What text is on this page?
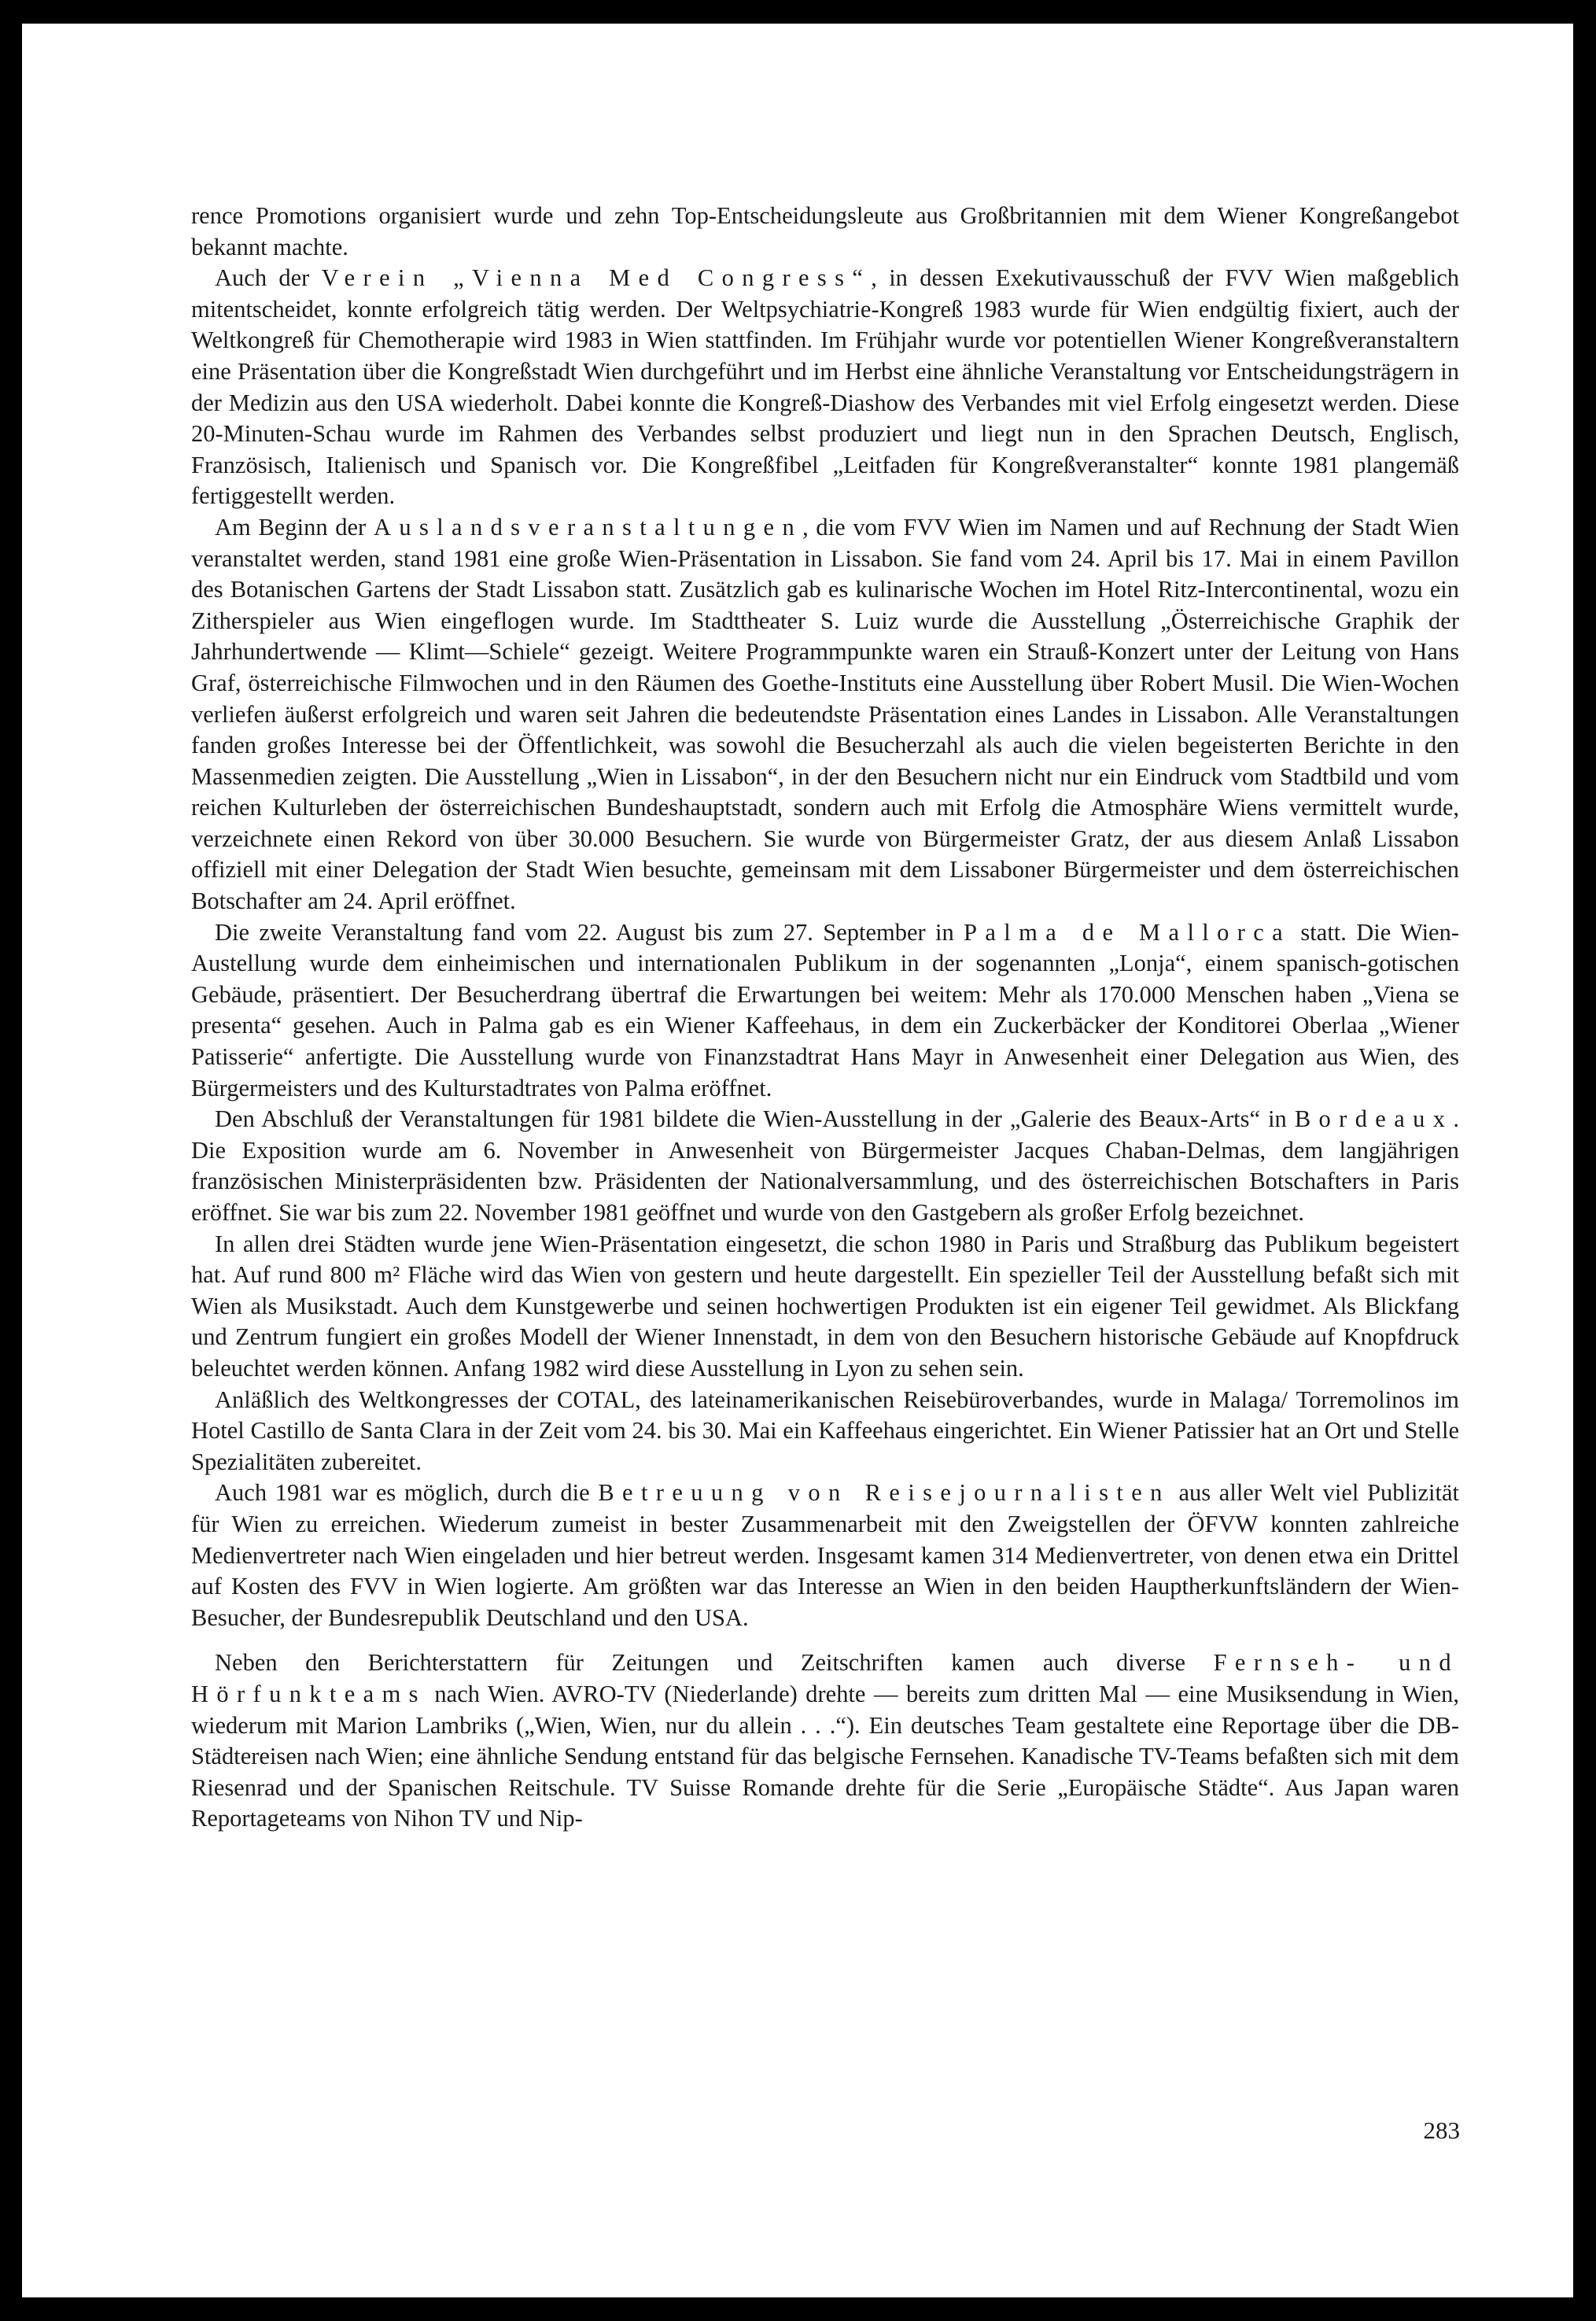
rence Promotions organisiert wurde und zehn Top-Entscheidungsleute aus Großbritannien mit dem Wiener Kongreßangebot bekannt machte.

Auch der Verein „Vienna Med Congress“, in dessen Exekutivausschuß der FVV Wien maßgeblich mitentscheidet, konnte erfolgreich tätig werden. Der Weltpsychiatrie-Kongreß 1983 wurde für Wien endgültig fixiert, auch der Weltkongreß für Chemotherapie wird 1983 in Wien stattfinden. Im Frühjahr wurde vor potentiellen Wiener Kongreßveranstaltern eine Präsentation über die Kongreßstadt Wien durchgeführt und im Herbst eine ähnliche Veranstaltung vor Entscheidungsträgern in der Medizin aus den USA wiederholt. Dabei konnte die Kongreß-Diashow des Verbandes mit viel Erfolg eingesetzt werden. Diese 20-Minuten-Schau wurde im Rahmen des Verbandes selbst produziert und liegt nun in den Sprachen Deutsch, Englisch, Französisch, Italienisch und Spanisch vor. Die Kongreßfibel „Leitfaden für Kongreßveranstalter“ konnte 1981 plangemäß fertiggestellt werden.

Am Beginn der Auslandsveranstaltungen, die vom FVV Wien im Namen und auf Rechnung der Stadt Wien veranstaltet werden, stand 1981 eine große Wien-Präsentation in Lissabon. Sie fand vom 24. April bis 17. Mai in einem Pavillon des Botanischen Gartens der Stadt Lissabon statt. Zusätzlich gab es kulinarische Wochen im Hotel Ritz-Intercontinental, wozu ein Zitherspieler aus Wien eingeflogen wurde. Im Stadttheater S. Luiz wurde die Ausstellung „Österreichische Graphik der Jahrhundertwende — Klimt—Schiele“ gezeigt. Weitere Programmpunkte waren ein Strauß-Konzert unter der Leitung von Hans Graf, österreichische Filmwochen und in den Räumen des Goethe-Instituts eine Ausstellung über Robert Musil. Die Wien-Wochen verliefen äußerst erfolgreich und waren seit Jahren die bedeutendste Präsentation eines Landes in Lissabon. Alle Veranstaltungen fanden großes Interesse bei der Öffentlichkeit, was sowohl die Besucherzahl als auch die vielen begeisterten Berichte in den Massenmedien zeigten. Die Ausstellung „Wien in Lissabon“, in der den Besuchern nicht nur ein Eindruck vom Stadtbild und vom reichen Kulturleben der österreichischen Bundeshauptstadt, sondern auch mit Erfolg die Atmosphäre Wiens vermittelt wurde, verzeichnete einen Rekord von über 30.000 Besuchern. Sie wurde von Bürgermeister Gratz, der aus diesem Anlaß Lissabon offiziell mit einer Delegation der Stadt Wien besuchte, gemeinsam mit dem Lissaboner Bürgermeister und dem österreichischen Botschafter am 24. April eröffnet.

Die zweite Veranstaltung fand vom 22. August bis zum 27. September in Palma de Mallorca statt. Die Wien-Austellung wurde dem einheimischen und internationalen Publikum in der sogenannten „Lonja“, einem spanisch-gotischen Gebäude, präsentiert. Der Besucherdrang übertraf die Erwartungen bei weitem: Mehr als 170.000 Menschen haben „Viena se presenta“ gesehen. Auch in Palma gab es ein Wiener Kaffeehaus, in dem ein Zuckerbäcker der Konditorei Oberlaa „Wiener Patisserie“ anfertigte. Die Ausstellung wurde von Finanzstadtrat Hans Mayr in Anwesenheit einer Delegation aus Wien, des Bürgermeisters und des Kulturstadtrates von Palma eröffnet.

Den Abschluß der Veranstaltungen für 1981 bildete die Wien-Ausstellung in der „Galerie des Beaux-Arts“ in Bordeaux. Die Exposition wurde am 6. November in Anwesenheit von Bürgermeister Jacques Chaban-Delmas, dem langjährigen französischen Ministerpräsidenten bzw. Präsidenten der Nationalversammlung, und des österreichischen Botschafters in Paris eröffnet. Sie war bis zum 22. November 1981 geöffnet und wurde von den Gastgebern als großer Erfolg bezeichnet.

In allen drei Städten wurde jene Wien-Präsentation eingesetzt, die schon 1980 in Paris und Straßburg das Publikum begeistert hat. Auf rund 800 m² Fläche wird das Wien von gestern und heute dargestellt. Ein spezieller Teil der Ausstellung befaßt sich mit Wien als Musikstadt. Auch dem Kunstgewerbe und seinen hochwertigen Produkten ist ein eigener Teil gewidmet. Als Blickfang und Zentrum fungiert ein großes Modell der Wiener Innenstadt, in dem von den Besuchern historische Gebäude auf Knopfdruck beleuchtet werden können. Anfang 1982 wird diese Ausstellung in Lyon zu sehen sein.

Anläßlich des Weltkongresses der COTAL, des lateinamerikanischen Reisebüroverbandes, wurde in Malaga/ Torremolinos im Hotel Castillo de Santa Clara in der Zeit vom 24. bis 30. Mai ein Kaffeehaus eingerichtet. Ein Wiener Patissier hat an Ort und Stelle Spezialitäten zubereitet.

Auch 1981 war es möglich, durch die Betreuung von Reisejournalisten aus aller Welt viel Publizität für Wien zu erreichen. Wiederum zumeist in bester Zusammenarbeit mit den Zweigstellen der ÖFVW konnten zahlreiche Medienvertreter nach Wien eingeladen und hier betreut werden. Insgesamt kamen 314 Medienvertreter, von denen etwa ein Drittel auf Kosten des FVV in Wien logierte. Am größten war das Interesse an Wien in den beiden Hauptherkunftsländern der Wien-Besucher, der Bundesrepublik Deutschland und den USA.

Neben den Berichterstattern für Zeitungen und Zeitschriften kamen auch diverse Fernseh- und Hörfunkteams nach Wien. AVRO-TV (Niederlande) drehte — bereits zum dritten Mal — eine Musiksendung in Wien, wiederum mit Marion Lambriks („Wien, Wien, nur du allein . . .“). Ein deutsches Team gestaltete eine Reportage über die DB-Städtereisen nach Wien; eine ähnliche Sendung entstand für das belgische Fernsehen. Kanadische TV-Teams befaßten sich mit dem Riesenrad und der Spanischen Reitschule. TV Suisse Romande drehte für die Serie „Europäische Städte“. Aus Japan waren Reportageteams von Nihon TV und Nip-

283
